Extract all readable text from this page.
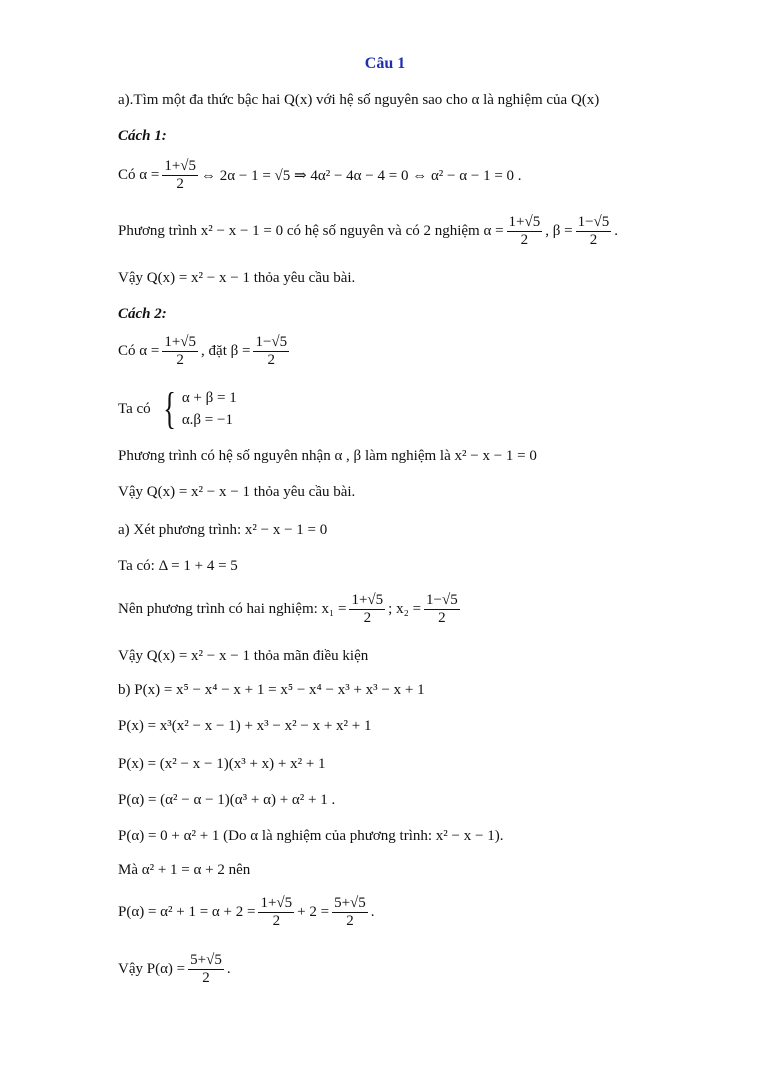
Câu 1
a).Tìm một đa thức bậc hai Q(x) với hệ số nguyên sao cho α là nghiệm của Q(x)
Cách 1:
Có $\alpha = \frac{1+√5}{2}$ ⇔ 2α − 1 = √5 ⇒ 4α² − 4α − 4 = 0 ⇔ α² − α − 1 = 0 .
Phương trình x² − x − 1 = 0 có hệ số nguyên và có 2 nghiệm $\alpha = \frac{1+√5}{2}$ , $\beta = \frac{1-√5}{2}$ .
Vậy Q(x) = x² − x − 1 thỏa yêu cầu bài.
Cách 2:
Có $\alpha = \frac{1+√5}{2}$ , đặt $\beta = \frac{1-√5}{2}$
Ta có { α + β = 1
α.β = −1
Phương trình có hệ số nguyên nhận α , β làm nghiệm là x² − x − 1 = 0
Vậy Q(x) = x² − x − 1 thỏa yêu cầu bài.
a) Xét phương trình: x² − x − 1 = 0
Ta có: Δ = 1 + 4 = 5
Nên phương trình có hai nghiệm: $x_1 = \frac{1+√5}{2}$ ; $x_2 = \frac{1-√5}{2}$
Vậy Q(x) = x² − x − 1 thỏa mãn điều kiện
b) P(x) = x⁵ − x⁴ − x + 1 = x⁵ − x⁴ − x³ + x³ − x + 1
P(x) = x³(x² − x − 1) + x³ − x² − x + x² + 1
P(x) = (x² − x − 1)(x³ + x) + x² + 1
P(α) = (α² − α − 1)(α³ + α) + α² + 1 .
P(α) = 0 + α² + 1 (Do α là nghiệm của phương trình: x² − x − 1).
Mà α² + 1 = α + 2 nên
$P(\alpha) = \alpha^2 + 1 = \alpha + 2 = \frac{1+√5}{2} + 2 = \frac{5+√5}{2}$ .
Vậy $P(\alpha) = \frac{5+√5}{2}$ .
